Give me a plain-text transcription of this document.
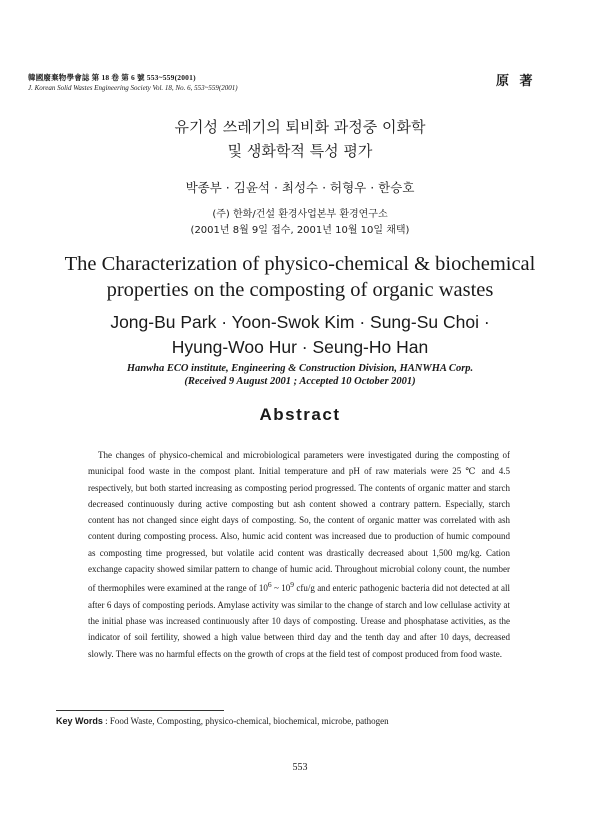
韓國廢棄物學會誌 第 18 卷 第 6 號 553~559(2001)
J. Korean Solid Wastes Engineering Society Vol. 18, No. 6, 553~559(2001)	原 著
유기성 쓰레기의 퇴비화 과정중 이화학
및 생화학적 특성 평가
박종부 · 김윤석 · 최성수 · 허형우 · 한승호
(주) 한화/건설 환경사업본부 환경연구소
(2001년 8월 9일 접수, 2001년 10월 10일 채택)
The Characterization of physico-chemical & biochemical
properties on the composting of organic wastes
Jong-Bu Park · Yoon-Swok Kim · Sung-Su Choi ·
Hyung-Woo Hur · Seung-Ho Han
Hanwha ECO institute, Engineering & Construction Division, HANWHA Corp.
(Received 9 August 2001 ; Accepted 10 October 2001)
Abstract
The changes of physico-chemical and microbiological parameters were investigated during the composting of municipal food waste in the compost plant. Initial temperature and pH of raw materials were 25 ℃ and 4.5 respectively, but both started increasing as composting period progressed. The contents of organic matter and starch decreased continuously during active composting but ash content showed a contrary pattern. Especially, starch content has not changed since eight days of composting. So, the content of organic matter was correlated with ash content during composting process. Also, humic acid content was increased due to production of humic compound as composting time progressed, but volatile acid content was drastically decreased about 1,500 mg/kg. Cation exchange capacity showed similar pattern to change of humic acid. Throughout microbial colony count, the number of thermophiles were examined at the range of $10^6$ ~ $10^9$ cfu/g and enteric pathogenic bacteria did not detected at all after 6 days of composting periods. Amylase activity was similar to the change of starch and low cellulase activity at the initial phase was increased continuously after 10 days of composting. Urease and phosphatase activities, as the indicator of soil fertility, showed a high value between third day and the tenth day and after 10 days, decreased slowly. There was no harmful effects on the growth of crops at the field test of compost produced from food waste.
Key Words : Food Waste, Composting, physico-chemical, biochemical, microbe, pathogen
553
